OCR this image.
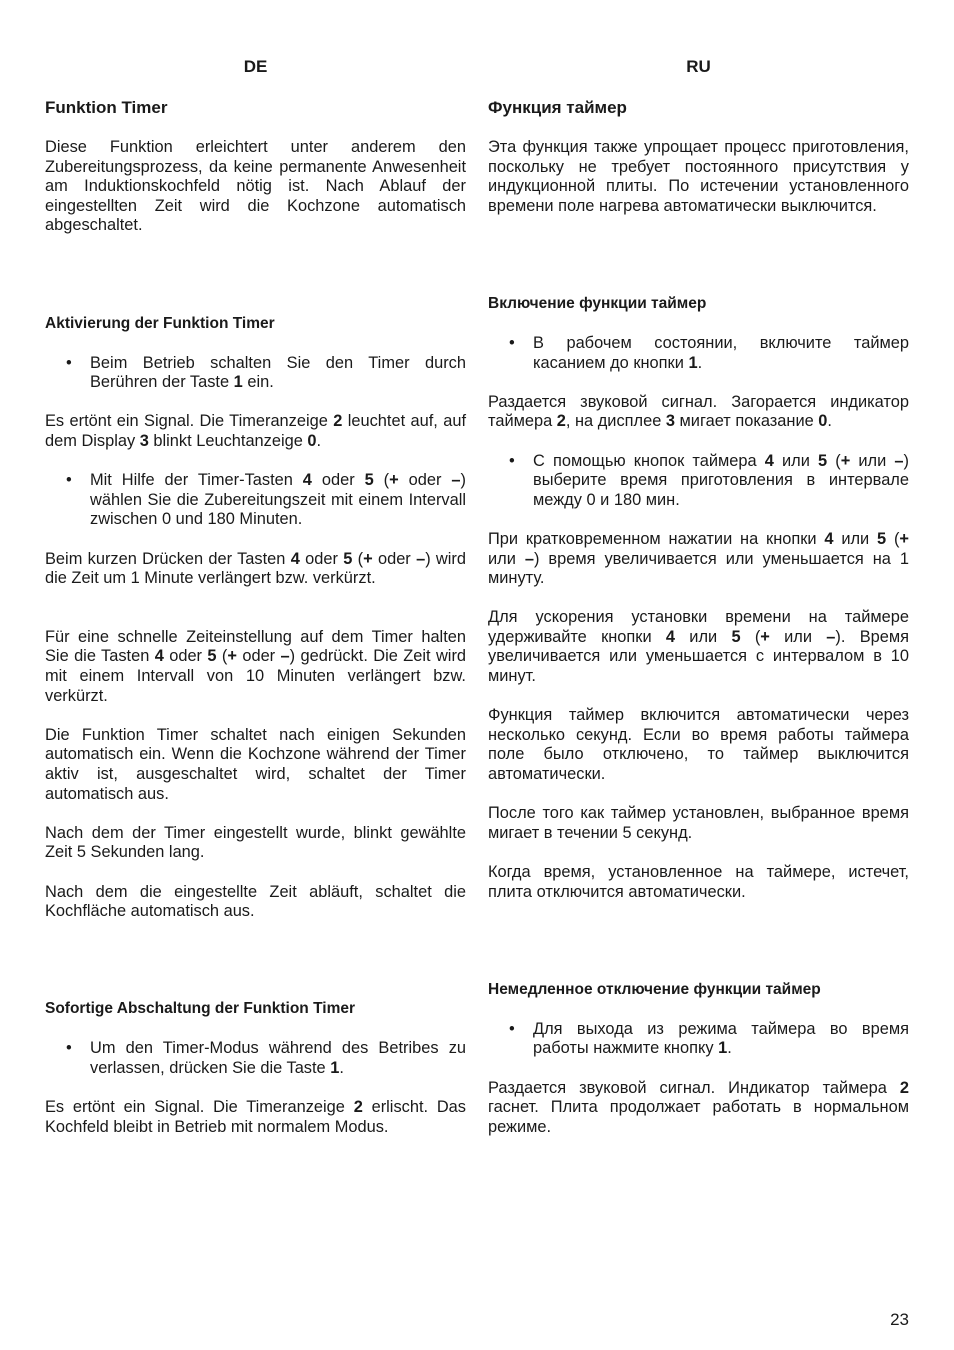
DE
Funktion Timer

Diese Funktion erleichtert unter anderem den Zubereitungsprozess, da keine permanente Anwesenheit am Induktionskochfeld nötig ist. Nach Ablauf der eingestellten Zeit wird die Kochzone automatisch abgeschaltet.

Aktivierung der Funktion Timer
• Beim Betrieb schalten Sie den Timer durch Berühren der Taste 1 ein.

Es ertönt ein Signal. Die Timeranzeige 2 leuchtet auf, auf dem Display 3 blinkt Leuchtanzeige 0.

• Mit Hilfe der Timer-Tasten 4 oder 5 (+ oder –) wählen Sie die Zubereitungszeit mit einem Intervall zwischen 0 und 180 Minuten.

Beim kurzen Drücken der Tasten 4 oder 5 (+ oder –) wird die Zeit um 1 Minute verlängert bzw. verkürzt.

Für eine schnelle Zeiteinstellung auf dem Timer halten Sie die Tasten 4 oder 5 (+ oder –) gedrückt. Die Zeit wird mit einem Intervall von 10 Minuten verlängert bzw. verkürzt.

Die Funktion Timer schaltet nach einigen Sekunden automatisch ein. Wenn die Kochzone während der Timer aktiv ist, ausgeschaltet wird, schaltet der Timer automatisch aus.

Nach dem der Timer eingestellt wurde, blinkt gewählte Zeit 5 Sekunden lang.

Nach dem die eingestellte Zeit abläuft, schaltet die Kochfläche automatisch aus.

Sofortige Abschaltung der Funktion Timer
• Um den Timer-Modus während des Betribes zu verlassen, drücken Sie die Taste 1.

Es ertönt ein Signal. Die Timeranzeige 2 erlischt. Das Kochfeld bleibt in Betrieb mit normalem Modus.

RU
Функция таймер

Эта функция также упрощает процесс приготовления, поскольку не требует постоянного присутствия у индукционной плиты. По истечении установленного времени поле нагрева автоматически выключится.

Включение функции таймер
• В рабочем состоянии, включите таймер касанием до кнопки 1.

Раздается звуковой сигнал. Загорается индикатор таймера 2, на дисплее 3 мигает показание 0.

• С помощью кнопок таймера 4 или 5 (+ или –) выберите время приготовления в интервале между 0 и 180 мин.

При кратковременном нажатии на кнопки 4 или 5 (+ или –) время увеличивается или уменьшается на 1 минуту.

Для ускорения установки времени на таймере удерживайте кнопки 4 или 5 (+ или –). Время увеличивается или уменьшается с интервалом в 10 минут.

Функция таймер включится автоматически через несколько секунд. Если во время работы таймера поле было отключено, то таймер выключится автоматически.

После того как таймер установлен, выбранное время мигает в течении 5 секунд.

Когда время, установленное на таймере, истечет, плита отключится автоматически.

Немедленное отключение функции таймер
• Для выхода из режима таймера во время работы нажмите кнопку 1.

Раздается звуковой сигнал. Индикатор таймера 2 гаснет. Плита продолжает работать в нормальном режиме.

23
